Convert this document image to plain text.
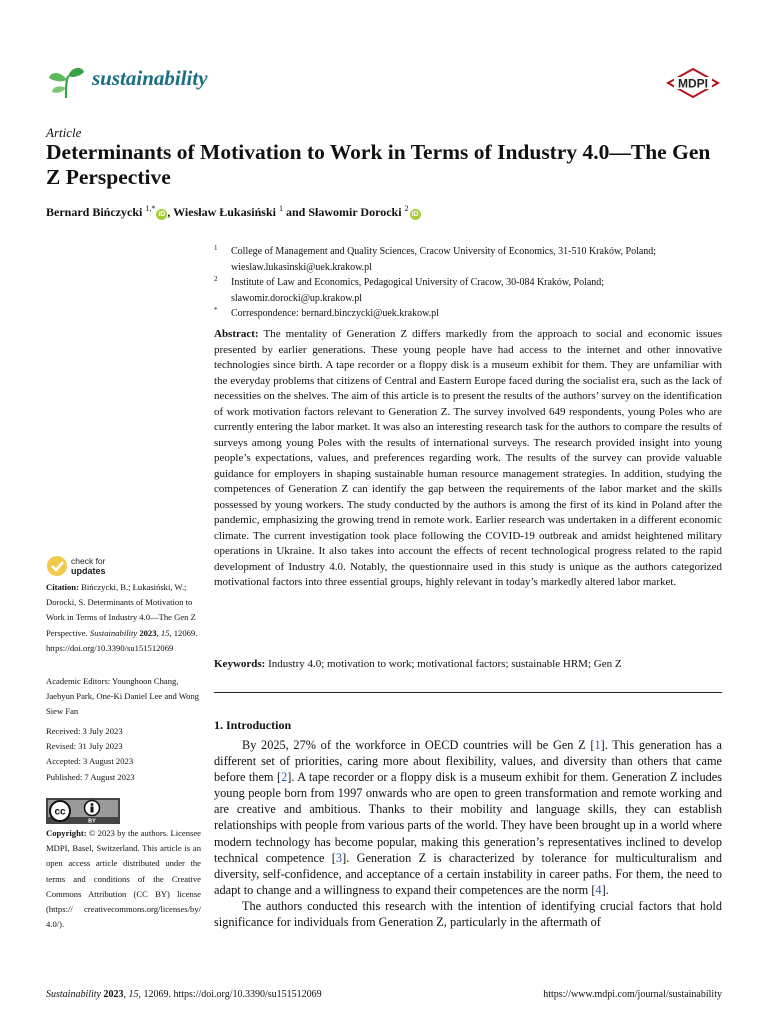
sustainability	MDPI
Article
Determinants of Motivation to Work in Terms of Industry 4.0—The Gen Z Perspective
Bernard Bińczycki $^{1,*}$iD , Wiesław Łukasiński $^1$ and Sławomir Dorocki $^2$iD
1 College of Management and Quality Sciences, Cracow University of Economics, 31-510 Kraków, Poland; wieslaw.lukasinski@uek.krakow.pl
2 Institute of Law and Economics, Pedagogical University of Cracow, 30-084 Kraków, Poland; slawomir.dorocki@up.krakow.pl
* Correspondence: bernard.binczycki@uek.krakow.pl
Abstract: The mentality of Generation Z differs markedly from the approach to social and economic issues presented by earlier generations. These young people have had access to the internet and other innovative technologies since birth. A tape recorder or a floppy disk is a museum exhibit for them. They are unfamiliar with the everyday problems that citizens of Central and Eastern Europe faced during the socialist era, such as the lack of necessities on the shelves. The aim of this article is to present the results of the authors’ survey on the identification of work motivation factors relevant to Generation Z. The survey involved 649 respondents, young Poles who are currently entering the labor market. It was also an interesting research task for the authors to compare the results of surveys among young Poles with the results of international surveys. The research provided insight into young people’s expectations, values, and preferences regarding work. The results of the survey can provide valuable guidance for employers in shaping sustainable human resource management strategies. In addition, studying the competences of Generation Z can identify the gap between the requirements of the labor market and the skills possessed by young workers. The study conducted by the authors is among the first of its kind in Poland after the pandemic, emphasizing the growing trend in remote work. Earlier research was undertaken in a different economic climate. The current investigation took place following the COVID-19 outbreak and amidst heightened military operations in Ukraine. It also takes into account the effects of recent technological progress related to the rapid development of Industry 4.0. Notably, the questionnaire used in this study is unique as the authors categorized motivational factors into three essential groups, highly relevant in today’s markedly altered labor market.
Keywords: Industry 4.0; motivation to work; motivational factors; sustainable HRM; Gen Z
1. Introduction

By 2025, 27% of the workforce in OECD countries will be Gen Z [1]. This generation has a different set of priorities, caring more about flexibility, values, and diversity than others that came before them [2]. A tape recorder or a floppy disk is a museum exhibit for them. Generation Z includes young people born from 1997 onwards who are open to green transformation and remote working and are creative and ambitious. Thanks to their mobility and language skills, they can establish relationships with people from various parts of the world. They have been brought up in a world where modern technology has become popular, making this generation’s representatives inclined to develop technical competence [3]. Generation Z is characterized by tolerance for multiculturalism and diversity, self-confidence, and acceptance of a certain instability in career paths. For them, the need to adapt to change and a willingness to expand their competences are the norm [4].

The authors conducted this research with the intention of identifying crucial factors that hold significance for individuals from Generation Z, particularly in the aftermath of

check for
updates
Citation: Bińczycki, B.; Łukasiński, W.; Dorocki, S. Determinants of Motivation to Work in Terms of Industry 4.0—The Gen Z Perspective. Sustainability 2023, 15, 12069. https://doi.org/10.3390/su151512069
Academic Editors: Younghoon Chang, Jaehyun Park, One-Ki Daniel Lee and Wong Siew Fan
Received: 3 July 2023
Revised: 31 July 2023
Accepted: 3 August 2023
Published: 7 August 2023
cc
BY
Copyright: © 2023 by the authors. Licensee MDPI, Basel, Switzerland. This article is an open access article distributed under the terms and conditions of the Creative Commons Attribution (CC BY) license (https:// creativecommons.org/licenses/by/ 4.0/).
Sustainability 2023, 15, 12069. https://doi.org/10.3390/su151512069	https://www.mdpi.com/journal/sustainability
